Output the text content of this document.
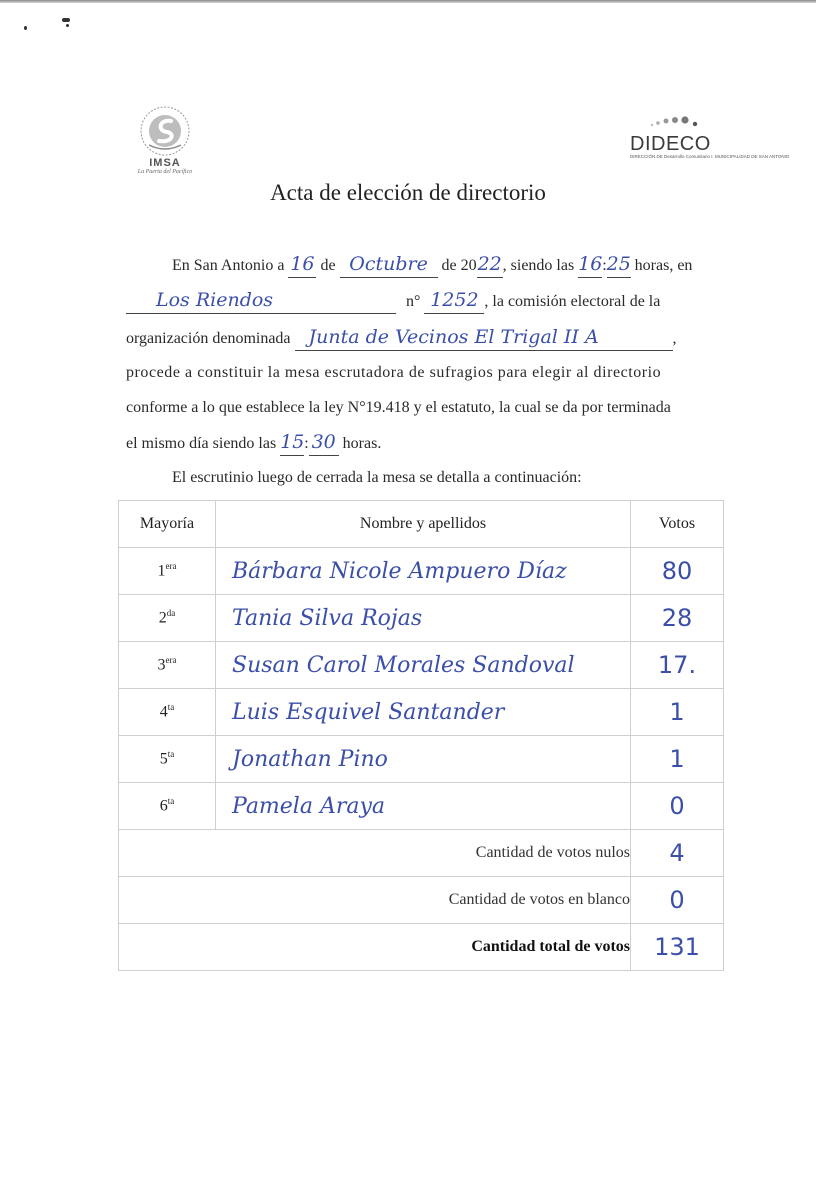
IMSA
La Puerta del Pacífico
DIDECO
DIRECCIÓN DE Desarrollo Comunitario I. MUNICIPALIDAD DE SAN ANTONIO
Acta de elección de directorio
En San Antonio a 16 de Octubre de 2022, siendo las 16:25 horas, en
Los Riendos	n° 1252 , la comisión electoral de la
organización denominada Junta de Vecinos El Trigal II A	,
procede a constituir la mesa escrutadora de sufragios para elegir al directorio
conforme a lo que establece la ley N°19.418 y el estatuto, la cual se da por terminada
el mismo día siendo las 15: 30 horas.
El escrutinio luego de cerrada la mesa se detalla a continuación:
Mayoría	Nombre y apellidos	Votos
$1^{era}$	Bárbara Nicole Ampuero Díaz	80
$2^{da}$	Tania Silva Rojas	28
$3^{era}$	Susan Carol Morales Sandoval	17.
$4^{ta}$	Luis Esquivel Santander	1
$5^{ta}$	Jonathan Pino	1
$6^{ta}$	Pamela Araya	0
Cantidad de votos nulos		4
Cantidad de votos en blanco		0
Cantidad total de votos		131
